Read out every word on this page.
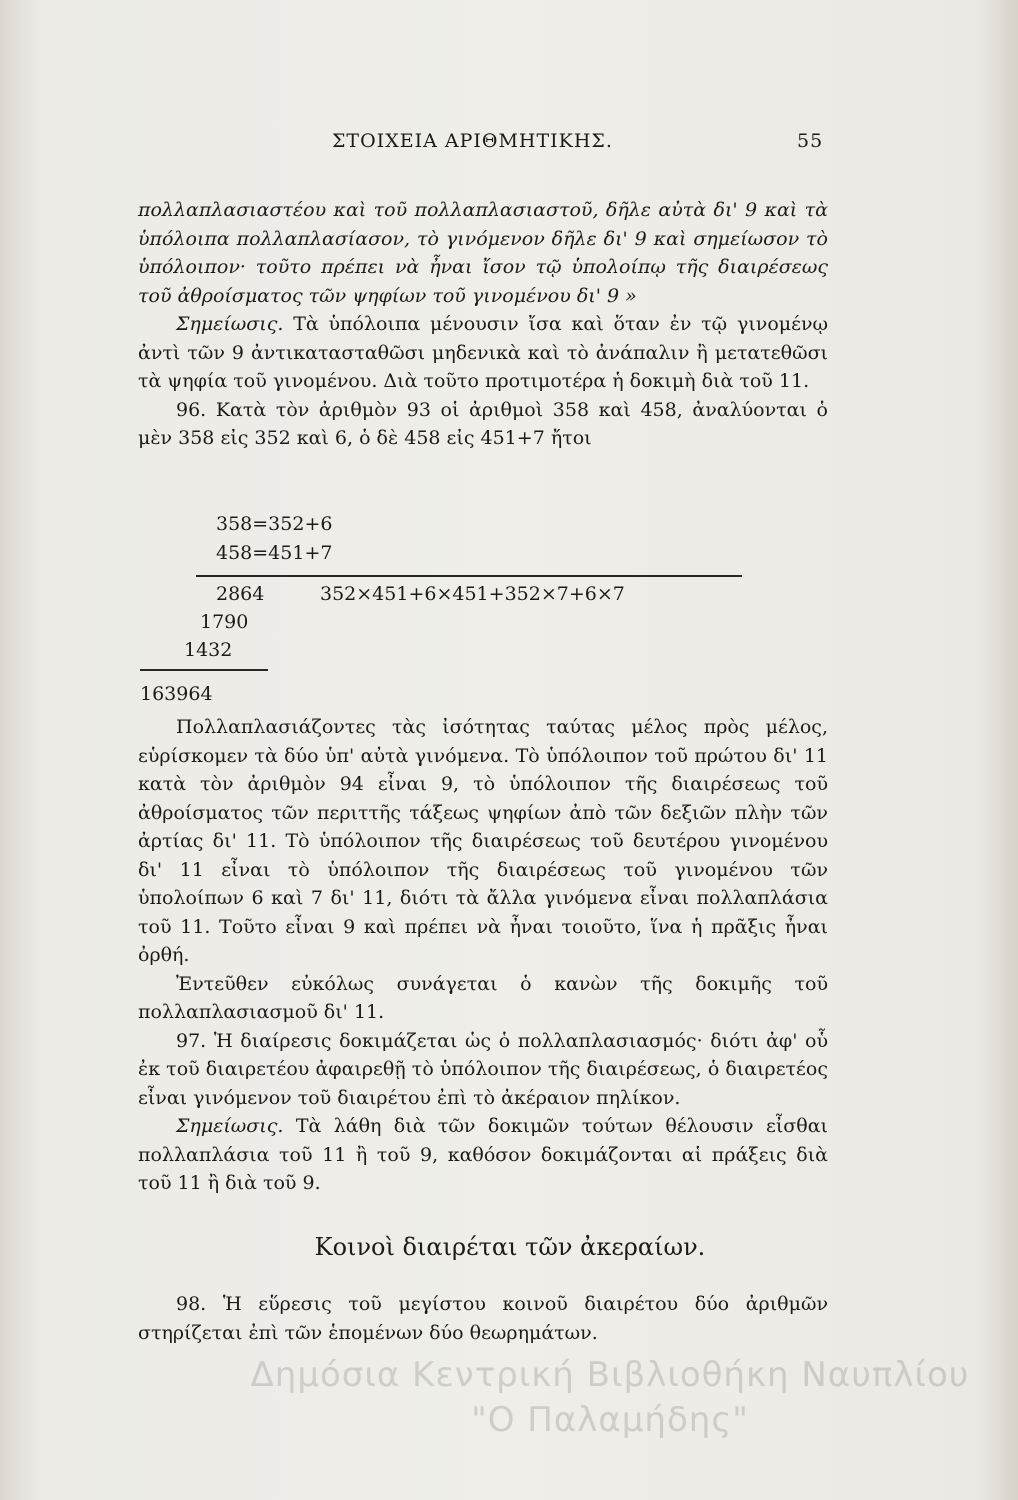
ΣΤΟΙΧΕΙΑ ΑΡΙΘΜΗΤΙΚΗΣ.	55

πολλαπλασιαστέου καὶ τοῦ πολλαπλασιαστοῦ, δῆλε αὐτὰ δι' 9 καὶ τὰ ὑπόλοιπα πολλαπλασίασον, τὸ γινόμενον δῆλε δι' 9 καὶ σημείωσον τὸ ὑπόλοιπον· τοῦτο πρέπει νὰ ἦναι ἴσον τῷ ὑπολοίπῳ τῆς διαιρέσεως τοῦ ἀθροίσματος τῶν ψηφίων τοῦ γινομένου δι' 9 »

Σημείωσις. Τὰ ὑπόλοιπα μένουσιν ἴσα καὶ ὅταν ἐν τῷ γινομένῳ ἀντὶ τῶν 9 ἀντικατασταθῶσι μηδενικὰ καὶ τὸ ἀνάπαλιν ἢ μετατεθῶσι τὰ ψηφία τοῦ γινομένου. Διὰ τοῦτο προτιμοτέρα ἡ δοκιμὴ διὰ τοῦ 11.

96. Κατὰ τὸν ἀριθμὸν 93 οἱ ἀριθμοὶ 358 καὶ 458, ἀναλύονται ὁ μὲν 358 εἰς 352 καὶ 6, ὁ δὲ 458 εἰς 451+7 ἤτοι

358=352+6
458=451+7
2864	352×451+6×451+352×7+6×7
1790
1432
163964

Πολλαπλασιάζοντες τὰς ἰσότητας ταύτας μέλος πρὸς μέλος, εὑρίσκομεν τὰ δύο ὑπ' αὐτὰ γινόμενα. Τὸ ὑπόλοιπον τοῦ πρώτου δι' 11 κατὰ τὸν ἀριθμὸν 94 εἶναι 9, τὸ ὑπόλοιπον τῆς διαιρέσεως τοῦ ἀθροίσματος τῶν περιττῆς τάξεως ψηφίων ἀπὸ τῶν δεξιῶν πλὴν τῶν ἀρτίας δι' 11. Τὸ ὑπόλοιπον τῆς διαιρέσεως τοῦ δευτέρου γινομένου δι' 11 εἶναι τὸ ὑπόλοιπον τῆς διαιρέσεως τοῦ γινομένου τῶν ὑπολοίπων 6 καὶ 7 δι' 11, διότι τὰ ἄλλα γινόμενα εἶναι πολλαπλάσια τοῦ 11. Τοῦτο εἶναι 9 καὶ πρέπει νὰ ἦναι τοιοῦτο, ἵνα ἡ πρᾶξις ἦναι ὀρθή.

Ἐντεῦθεν εὐκόλως συνάγεται ὁ κανὼν τῆς δοκιμῆς τοῦ πολλαπλασιασμοῦ δι' 11.

97. Ἡ διαίρεσις δοκιμάζεται ὡς ὁ πολλαπλασιασμός· διότι ἀφ' οὗ ἐκ τοῦ διαιρετέου ἀφαιρεθῇ τὸ ὑπόλοιπον τῆς διαιρέσεως, ὁ διαιρετέος εἶναι γινόμενον τοῦ διαιρέτου ἐπὶ τὸ ἀκέραιον πηλίκον.

Σημείωσις. Τὰ λάθη διὰ τῶν δοκιμῶν τούτων θέλουσιν εἶσθαι πολλαπλάσια τοῦ 11 ἢ τοῦ 9, καθόσον δοκιμάζονται αἱ πράξεις διὰ τοῦ 11 ἢ διὰ τοῦ 9.

Κοινοὶ διαιρέται τῶν ἀκεραίων.

98. Ἡ εὕρεσις τοῦ μεγίστου κοινοῦ διαιρέτου δύο ἀριθμῶν στηρίζεται ἐπὶ τῶν ἑπομένων δύο θεωρημάτων.

Δημόσια Κεντρική Βιβλιοθήκη Ναυπλίου
"Ο Παλαμήδης"
